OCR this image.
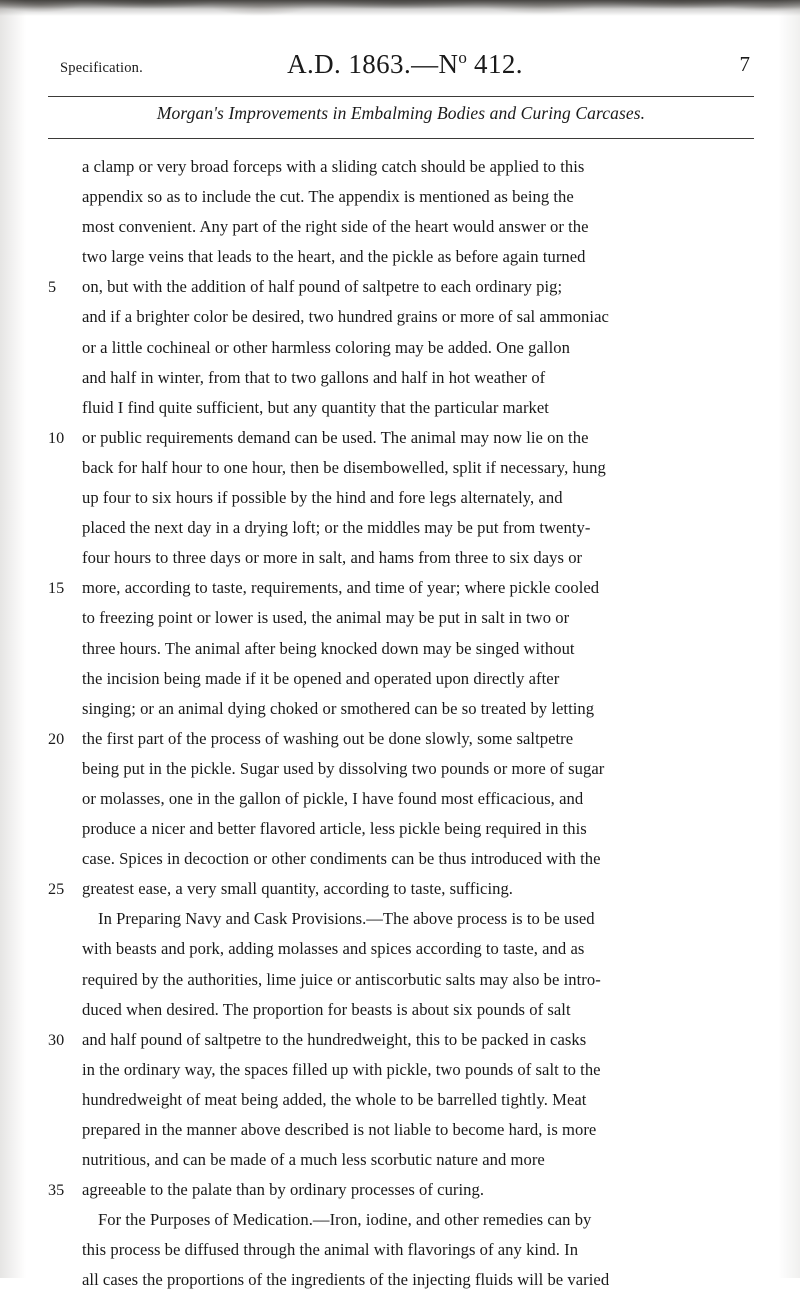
Specification.	A.D. $1863.—N^o$ 412.	7
Morgan's Improvements in Embalming Bodies and Curing Carcases.
a clamp or very broad forceps with a sliding catch should be applied to this
appendix so as to include the cut. The appendix is mentioned as being the
most convenient. Any part of the right side of the heart would answer or the
two large veins that leads to the heart, and the pickle as before again turned
5	on, but with the addition of half pound of saltpetre to each ordinary pig;
and if a brighter color be desired, two hundred grains or more of sal ammoniac
or a little cochineal or other harmless coloring may be added. One gallon
and half in winter, from that to two gallons and half in hot weather of
fluid I find quite sufficient, but any quantity that the particular market
10	or public requirements demand can be used. The animal may now lie on the
back for half hour to one hour, then be disembowelled, split if necessary, hung
up four to six hours if possible by the hind and fore legs alternately, and
placed the next day in a drying loft; or the middles may be put from twenty-
four hours to three days or more in salt, and hams from three to six days or
15	more, according to taste, requirements, and time of year; where pickle cooled
to freezing point or lower is used, the animal may be put in salt in two or
three hours. The animal after being knocked down may be singed without
the incision being made if it be opened and operated upon directly after
singing; or an animal dying choked or smothered can be so treated by letting
20	the first part of the process of washing out be done slowly, some saltpetre
being put in the pickle. Sugar used by dissolving two pounds or more of sugar
or molasses, one in the gallon of pickle, I have found most efficacious, and
produce a nicer and better flavored article, less pickle being required in this
case. Spices in decoction or other condiments can be thus introduced with the
25	greatest ease, a very small quantity, according to taste, sufficing.
In Preparing Navy and Cask Provisions.—The above process is to be used
with beasts and pork, adding molasses and spices according to taste, and as
required by the authorities, lime juice or antiscorbutic salts may also be intro-
duced when desired. The proportion for beasts is about six pounds of salt
30	and half pound of saltpetre to the hundredweight, this to be packed in casks
in the ordinary way, the spaces filled up with pickle, two pounds of salt to the
hundredweight of meat being added, the whole to be barrelled tightly. Meat
prepared in the manner above described is not liable to become hard, is more
nutritious, and can be made of a much less scorbutic nature and more
35	agreeable to the palate than by ordinary processes of curing.
For the Purposes of Medication.—Iron, iodine, and other remedies can by
this process be diffused through the animal with flavorings of any kind. In
all cases the proportions of the ingredients of the injecting fluids will be varied
